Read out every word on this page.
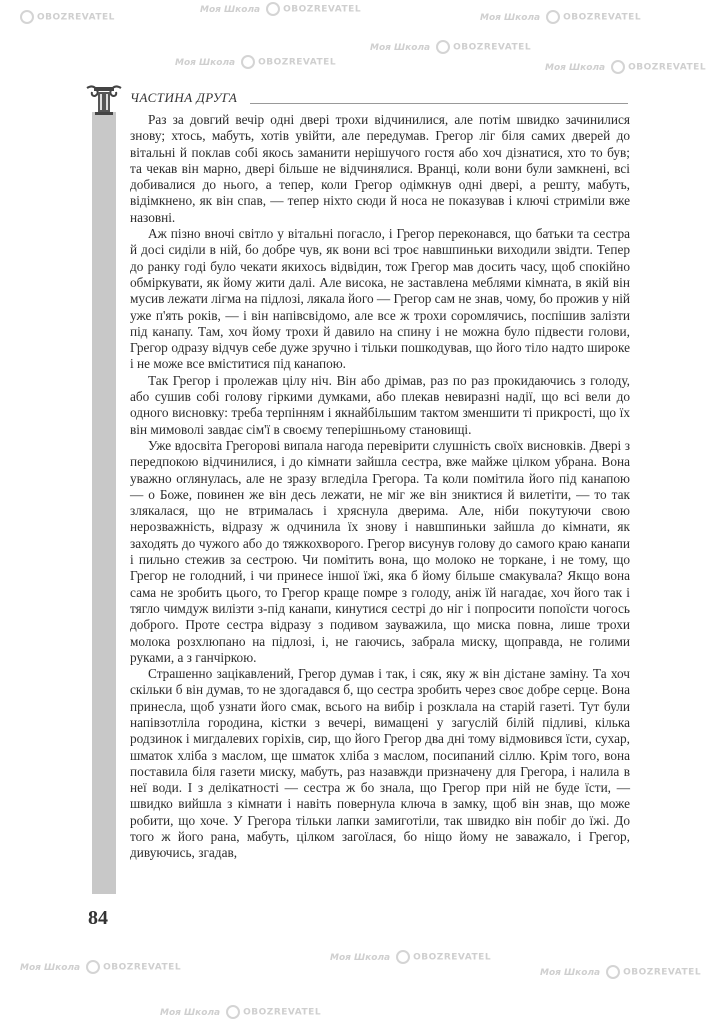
OBOZREVATEL
Моя Школа	OBOZREVATEL
Моя Школа	OBOZREVATEL
Моя Школа	OBOZREVATEL
Моя Школа	OBOZREVATEL
Моя Школа	OBOZREVATEL
Моя Школа	OBOZREVATEL
Моя Школа	OBOZREVATEL
Моя Школа	OBOZREVATEL
Моя Школа	OBOZREVATEL
ЧАСТИНА ДРУГА

Раз за довгий вечір одні двері трохи відчинилися, але потім швидко зачинилися знову; хтось, мабуть, хотів увійти, але передумав. Грегор ліг біля самих дверей до вітальні й поклав собі якось заманити нерішучого гостя або хоч дізнатися, хто то був; та чекав він марно, двері більше не відчинялися. Вранці, коли вони були замкнені, всі добивалися до нього, а тепер, коли Грегор одімкнув одні двері, а решту, мабуть, відімкнено, як він спав, — тепер ніхто сюди й носа не показував і ключі стриміли вже назовні.

Аж пізно вночі світло у вітальні погасло, і Грегор переконався, що батьки та сестра й досі сиділи в ній, бо добре чув, як вони всі троє навшпиньки виходили звідти. Тепер до ранку годі було чекати якихось відвідин, тож Грегор мав досить часу, щоб спокійно обміркувати, як йому жити далі. Але висока, не заставлена меблями кімната, в якій він мусив лежати лігма на підлозі, лякала його — Грегор сам не знав, чому, бо прожив у ній уже п'ять років, — і він напівсвідомо, але все ж трохи соромлячись, поспішив залізти під канапу. Там, хоч йому трохи й давило на спину і не можна було підвести голови, Грегор одразу відчув себе дуже зручно і тільки пошкодував, що його тіло надто широке і не може все вміститися під канапою.

Так Грегор і пролежав цілу ніч. Він або дрімав, раз по раз прокидаючись з голоду, або сушив собі голову гіркими думками, або плекав невиразні надії, що всі вели до одного висновку: треба терпінням і якнайбільшим тактом зменшити ті прикрості, що їх він мимоволі завдає сім'ї в своєму теперішньому становищі.

Уже вдосвіта Грегорові випала нагода перевірити слушність своїх висновків. Двері з передпокою відчинилися, і до кімнати зайшла сестра, вже майже цілком убрана. Вона уважно оглянулась, але не зразу вгледіла Грегора. Та коли помітила його під канапою — о Боже, повинен же він десь лежати, не міг же він зниктися й вилетіти, — то так злякалася, що не втрималась і хряснула дверима. Але, ніби покутуючи свою нерозважність, відразу ж одчинила їх знову і навшпиньки зайшла до кімнати, як заходять до чужого або до тяжкохворого. Грегор висунув голову до самого краю канапи і пильно стежив за сестрою. Чи помітить вона, що молоко не торкане, і не тому, що Грегор не голодний, і чи принесе іншої їжі, яка б йому більше смакувала? Якщо вона сама не зробить цього, то Грегор краще помре з голоду, аніж їй нагадає, хоч його так і тягло чимдуж вилізти з-під канапи, кинутися сестрі до ніг і попросити попоїсти чогось доброго. Проте сестра відразу з подивом зауважила, що миска повна, лише трохи молока розхлюпано на підлозі, і, не гаючись, забрала миску, щоправда, не голими руками, а з ганчіркою.

Страшенно зацікавлений, Грегор думав і так, і сяк, яку ж він дістане заміну. Та хоч скільки б він думав, то не здогадався б, що сестра зробить через своє добре серце. Вона принесла, щоб узнати його смак, всього на вибір і розклала на старій газеті. Тут були напівзотліла городина, кістки з вечері, вимащені у загуслій білій підливі, кілька родзинок і мигдалевих горіхів, сир, що його Грегор два дні тому відмовився їсти, сухар, шматок хліба з маслом, ще шматок хліба з маслом, посипаний сіллю. Крім того, вона поставила біля газети миску, мабуть, раз назавжди призначену для Грегора, і налила в неї води. І з делікатності — сестра ж бо знала, що Грегор при ній не буде їсти, — швидко вийшла з кімнати і навіть повернула ключа в замку, щоб він знав, що може робити, що хоче. У Грегора тільки лапки замиготіли, так швидко він побіг до їжі. До того ж його рана, мабуть, цілком загоїлася, бо ніщо йому не заважало, і Грегор, дивуючись, згадав,

84
